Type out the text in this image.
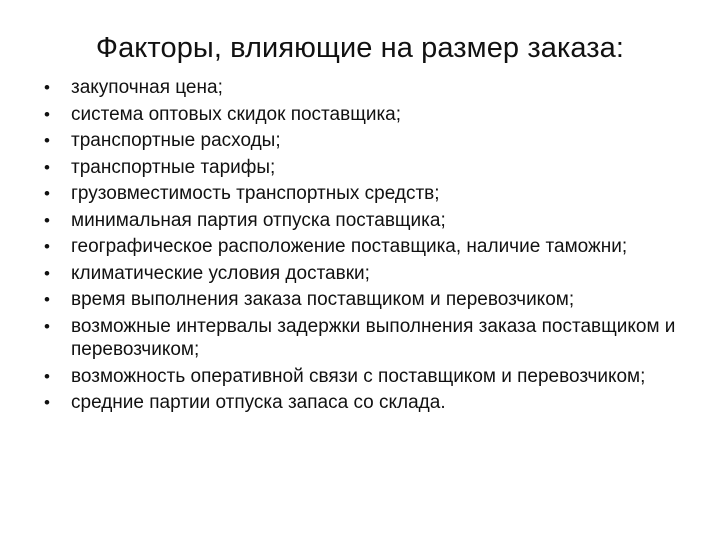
Факторы, влияющие на размер заказа:
• закупочная цена;
• система оптовых скидок поставщика;
• транспортные расходы;
• транспортные тарифы;
• грузовместимость транспортных средств;
• минимальная партия отпуска поставщика;
• географическое расположение поставщика, наличие таможни;
• климатические условия доставки;
• время выполнения заказа поставщиком и перевозчиком;
• возможные интервалы задержки выполнения заказа поставщиком и перевозчиком;
• возможность оперативной связи с поставщиком и перевозчиком;
• средние партии отпуска запаса со склада.
